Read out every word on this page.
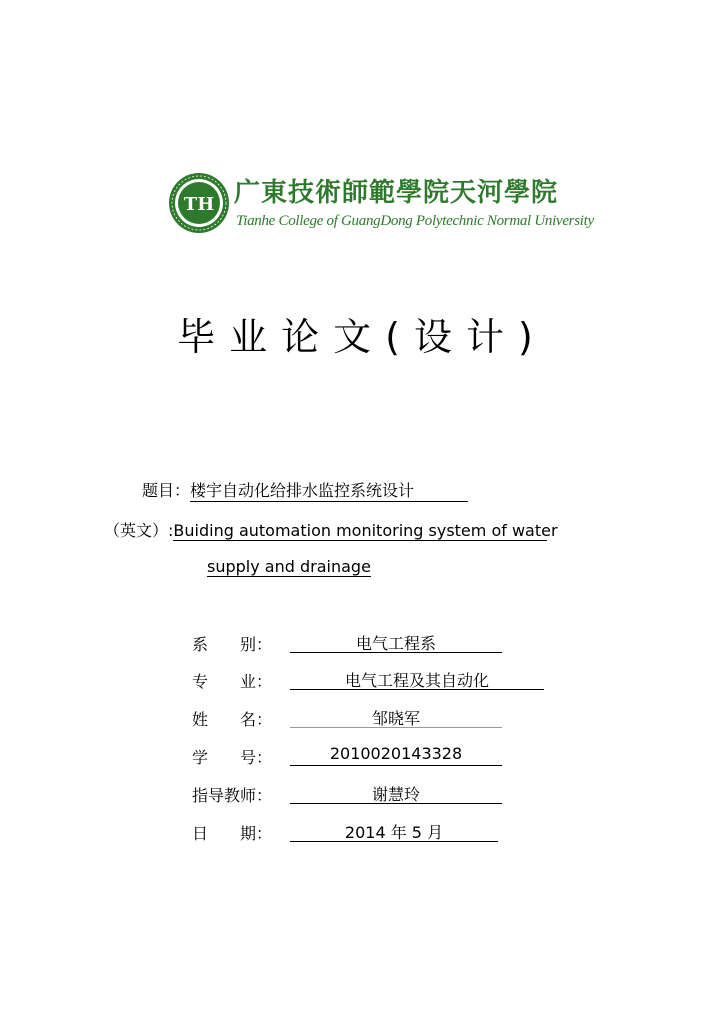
TH 广東技術師範學院天河學院
Tianhe College of GuangDong Polytechnic Normal University
毕业论文(设计)
题目：楼宇自动化给排水监控系统设计
（英文）:Buiding automation monitoring system of water
supply and drainage
系　　别：	电气工程系
专　　业：	电气工程及其自动化
姓　　名：	邹晓军
学　　号：	2010020143328
指导教师：	谢慧玲
日　　期：	2014 年 5 月
